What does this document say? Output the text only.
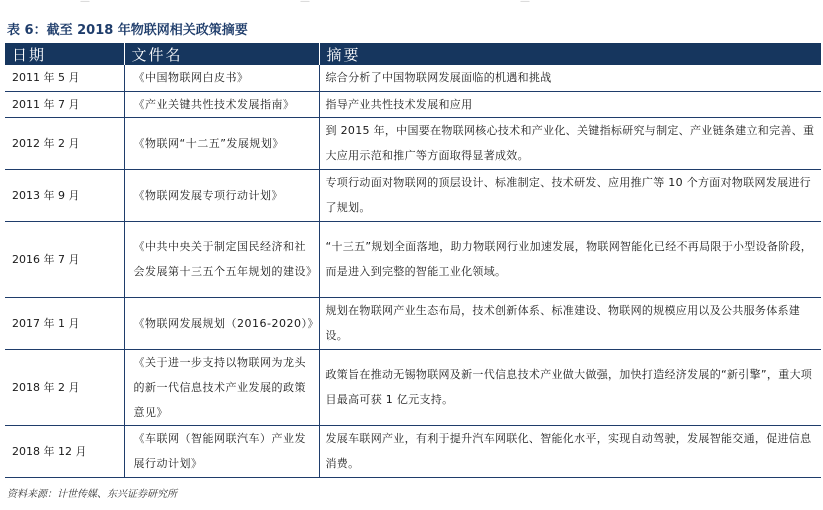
—	—	—
表 6：截至 2018 年物联网相关政策摘要
日期	文件名	摘要
2011 年 5 月	《中国物联网白皮书》	综合分析了中国物联网发展面临的机遇和挑战
2011 年 7 月	《产业关键共性技术发展指南》	指导产业共性技术发展和应用
2012 年 2 月	《物联网“十二五”发展规划》	到 2015 年，中国要在物联网核心技术和产业化、关键指标研究与制定、产业链条建立和完善、重大应用示范和推广等方面取得显著成效。
2013 年 9 月	《物联网发展专项行动计划》	专项行动面对物联网的顶层设计、标准制定、技术研发、应用推广等 10 个方面对物联网发展进行了规划。
2016 年 7 月	《中共中央关于制定国民经济和社会发展第十三五个五年规划的建设》	“十三五”规划全面落地，助力物联网行业加速发展，物联网智能化已经不再局限于小型设备阶段，而是进入到完整的智能工业化领域。
2017 年 1 月	《物联网发展规划（2016-2020）》	规划在物联网产业生态布局，技术创新体系、标准建设、物联网的规模应用以及公共服务体系建设。
2018 年 2 月	《关于进一步支持以物联网为龙头的新一代信息技术产业发展的政策意见》	政策旨在推动无锡物联网及新一代信息技术产业做大做强，加快打造经济发展的“新引擎”，重大项目最高可获 1 亿元支持。
2018 年 12 月	《车联网（智能网联汽车）产业发展行动计划》	发展车联网产业，有利于提升汽车网联化、智能化水平，实现自动驾驶，发展智能交通，促进信息消费。
资料来源：计世传媒、东兴证券研究所
